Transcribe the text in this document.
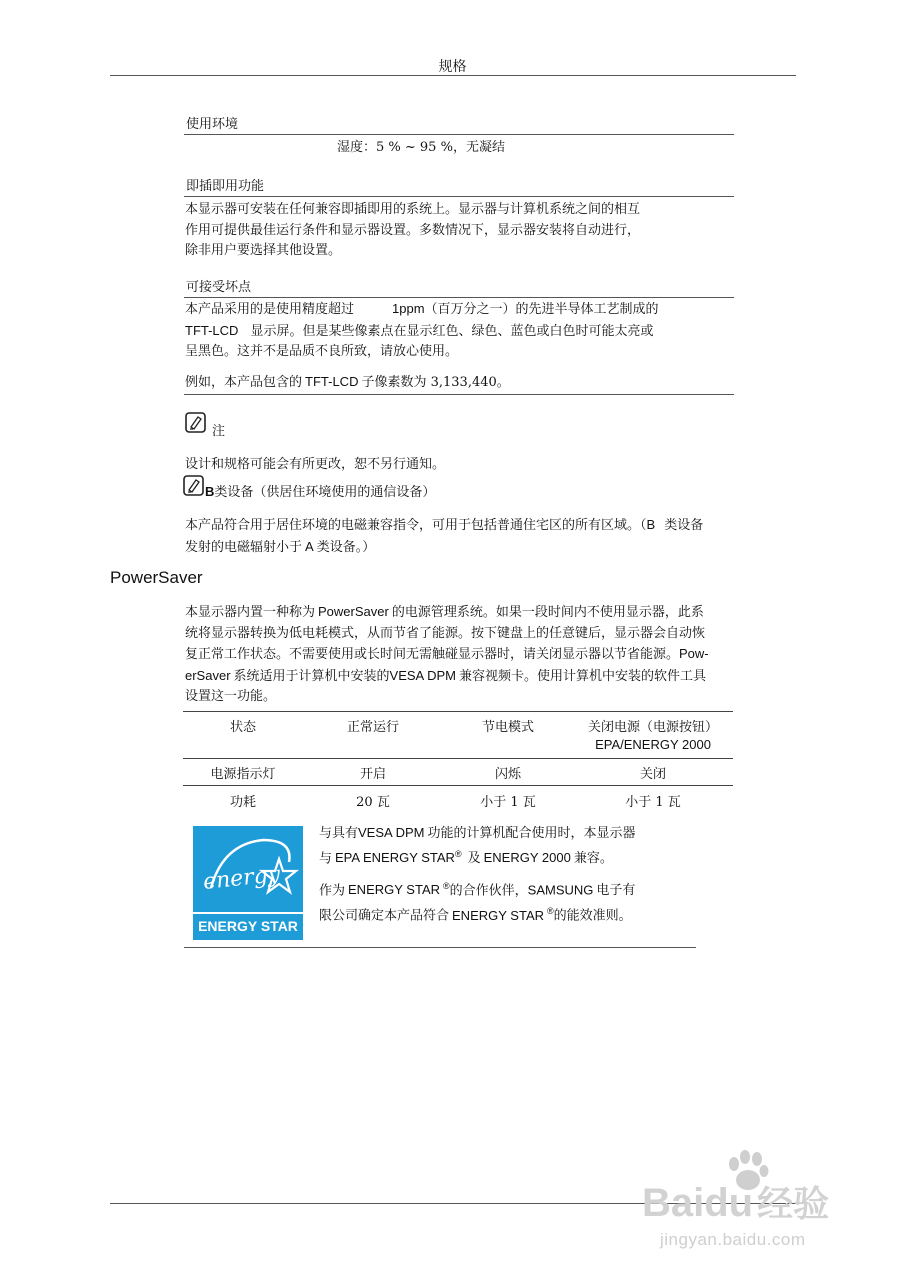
规格
使用环境
湿度：5 % ~ 95 %，无凝结
即插即用功能
本显示器可安装在任何兼容即插即用的系统上。显示器与计算机系统之间的相互
作用可提供最佳运行条件和显示器设置。多数情况下，显示器安装将自动进行，
除非用户要选择其他设置。
可接受坏点
本产品采用的是使用精度超过	1ppm（百万分之一）的先进半导体工艺制成的
TFT-LCD 显示屏。但是某些像素点在显示红色、绿色、蓝色或白色时可能太亮或
呈黑色。这并不是品质不良所致，请放心使用。
例如，本产品包含的 TFT-LCD 子像素数为 3,133,440。
注
设计和规格可能会有所更改，恕不另行通知。
B类设备（供居住环境使用的通信设备）
本产品符合用于居住环境的电磁兼容指令，可用于包括普通住宅区的所有区域。（B 类设备
发射的电磁辐射小于 A 类设备。）
PowerSaver
本显示器内置一种称为 PowerSaver 的电源管理系统。如果一段时间内不使用显示器，此系
统将显示器转换为低电耗模式，从而节省了能源。按下键盘上的任意键后，显示器会自动恢
复正常工作状态。不需要使用或长时间无需触碰显示器时，请关闭显示器以节省能源。Pow-
erSaver 系统适用于计算机中安装的VESA DPM 兼容视频卡。使用计算机中安装的软件工具
设置这一功能。
状态	正常运行	节电模式	关闭电源（电源按钮）
EPA/ENERGY 2000

电源指示灯	开启	闪烁	关闭
功耗	20 瓦	小于 1 瓦	小于 1 瓦
energy
ENERGY STAR
与具有VESA DPM 功能的计算机配合使用时，本显示器
与 EPA ENERGY STAR® 及 ENERGY 2000 兼容。
作为 ENERGY STAR ®的合作伙伴，SAMSUNG 电子有
限公司确定本产品符合 ENERGY STAR ®的能效准则。
Baidu 经验
jingyan.baidu.com
